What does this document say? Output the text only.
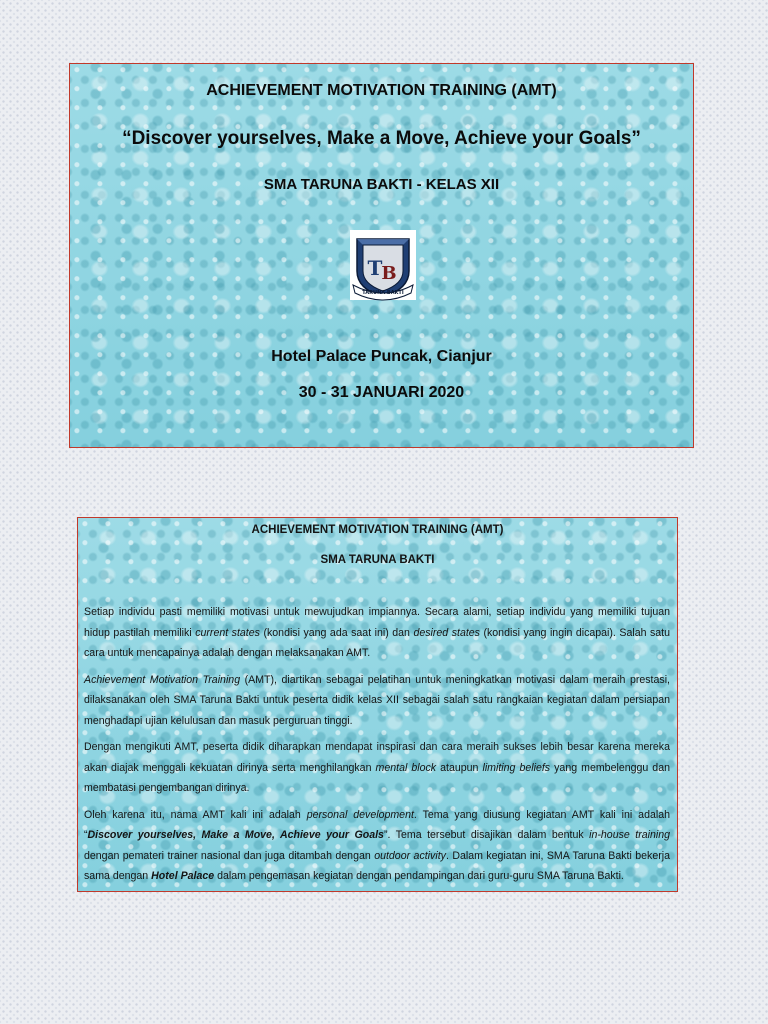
ACHIEVEMENT MOTIVATION TRAINING (AMT)
“Discover yourselves, Make a Move, Achieve your Goals”
SMA TARUNA BAKTI - KELAS XII
T
B
TARUNA BAKTI
Hotel Palace Puncak, Cianjur
30 - 31 JANUARI 2020
ACHIEVEMENT MOTIVATION TRAINING (AMT)
SMA TARUNA BAKTI

Setiap individu pasti memiliki motivasi untuk mewujudkan impiannya. Secara alami, setiap individu yang memiliki tujuan hidup pastilah memiliki current states (kondisi yang ada saat ini) dan desired states (kondisi yang ingin dicapai). Salah satu cara untuk mencapainya adalah dengan melaksanakan AMT.

Achievement Motivation Training (AMT), diartikan sebagai pelatihan untuk meningkatkan motivasi dalam meraih prestasi, dilaksanakan oleh SMA Taruna Bakti untuk peserta didik kelas XII sebagai salah satu rangkaian kegiatan dalam persiapan menghadapi ujian kelulusan dan masuk perguruan tinggi.

Dengan mengikuti AMT, peserta didik diharapkan mendapat inspirasi dan cara meraih sukses lebih besar karena mereka akan diajak menggali kekuatan dirinya serta menghilangkan mental block ataupun limiting beliefs yang membelenggu dan membatasi pengembangan dirinya.

Oleh karena itu, nama AMT kali ini adalah personal development. Tema yang diusung kegiatan AMT kali ini adalah “Discover yourselves, Make a Move, Achieve your Goals”. Tema tersebut disajikan dalam bentuk in-house training dengan pemateri trainer nasional dan juga ditambah dengan outdoor activity. Dalam kegiatan ini, SMA Taruna Bakti bekerja sama dengan Hotel Palace dalam pengemasan kegiatan dengan pendampingan dari guru-guru SMA Taruna Bakti.
